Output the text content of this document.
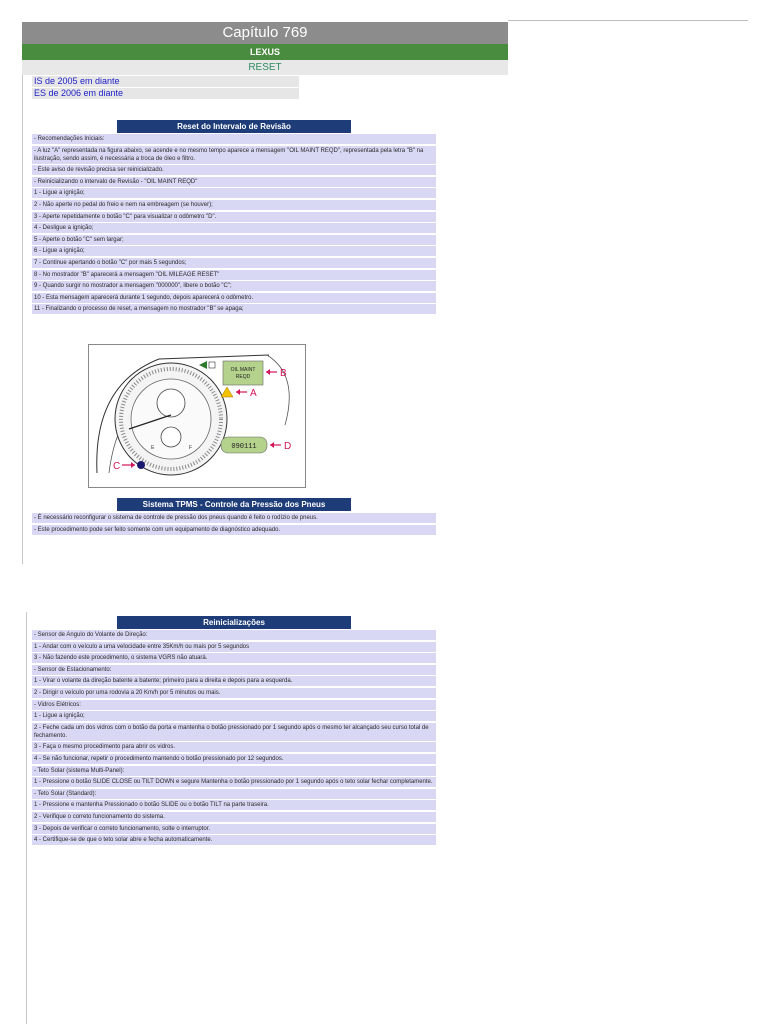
Capítulo 769
LEXUS
RESET
IS de 2005 em diante
ES de 2006 em diante
Reset do Intervalo de Revisão
- Recomendações Iniciais:
- A luz "A" representada na figura abaixo, se acende e no mesmo tempo aparece a mensagem "OIL MAINT REQD", representada pela letra "B" na ilustração, sendo assim, é necessária a troca de óleo e filtro.
- Este aviso de revisão precisa ser reinicializado.
- Reinicializando o intervalo de Revisão - "OIL MAINT REQD"
1 - Ligue a ignição;
2 - Não aperte no pedal do freio e nem na embreagem (se houver);
3 - Aperte repetidamente o botão "C" para visualizar o odômetro "D".
4 - Desligue a ignição;
5 - Aperte o botão "C" sem largar;
6 - Ligue a ignição;
7 - Continue apertando o botão "C" por mais 5 segundos;
8 - No mostrador "B" aparecerá a mensagem "OIL MILEAGE RESET"
9 - Quando surgir no mostrador a mensagem "000000", libere o botão "C";
10 - Esta mensagem aparecerá durante 1 segundo, depois aparecerá o odômetro.
11 - Finalizando o processo de reset, a mensagem no mostrador "B" se apaga;
E	F
OIL MAINT
REQD	B
A
090111	D
C
Sistema TPMS - Controle da Pressão dos Pneus
- É necessário reconfigurar o sistema de controle de pressão dos pneus quando é feito o rodízio de pneus.
- Este procedimento pode ser feito somente com um equipamento de diagnóstico adequado.
Reinicializações
- Sensor de Angulo do Volante de Direção:
1 - Andar com o veículo a uma velocidade entre 35Km/h ou mais por 5 segundos
3 - Não fazendo este procedimento, o sistema VGRS não atuará.
- Sensor de Estacionamento:
1 - Virar o volante da direção batente a batente; primeiro para a direita e depois para a esquerda.
2 - Dirigir o veículo por uma rodovia a 20 Km/h por 5 minutos ou mais.
- Vidros Elétricos:
1 - Ligue a ignição;
2 - Feche cada um dos vidros com o botão da porta e mantenha o botão pressionado por 1 segundo após o mesmo ter alcançado seu curso total de fechamento.
3 - Faça o mesmo procedimento para abrir os vidros.
4 - Se não funcionar, repetir o procedimento mantendo o botão pressionado por 12 segundos.
- Teto Solar (sistema Multi-Panel):
1 - Pressione o botão SLIDE CLOSE ou TILT DOWN e segure Mantenha o botão pressionado por 1 segundo após o teto solar fechar completamente.
- Teto Solar (Standard):
1 - Pressione e mantenha Pressionado o botão SLIDE ou o botão TILT na parte traseira.
2 - Verifique o correto funcionamento do sistema.
3 - Depois de verificar o correto funcionamento, solte o interruptor.
4 - Certifique-se de que o teto solar abre e fecha automaticamente.
